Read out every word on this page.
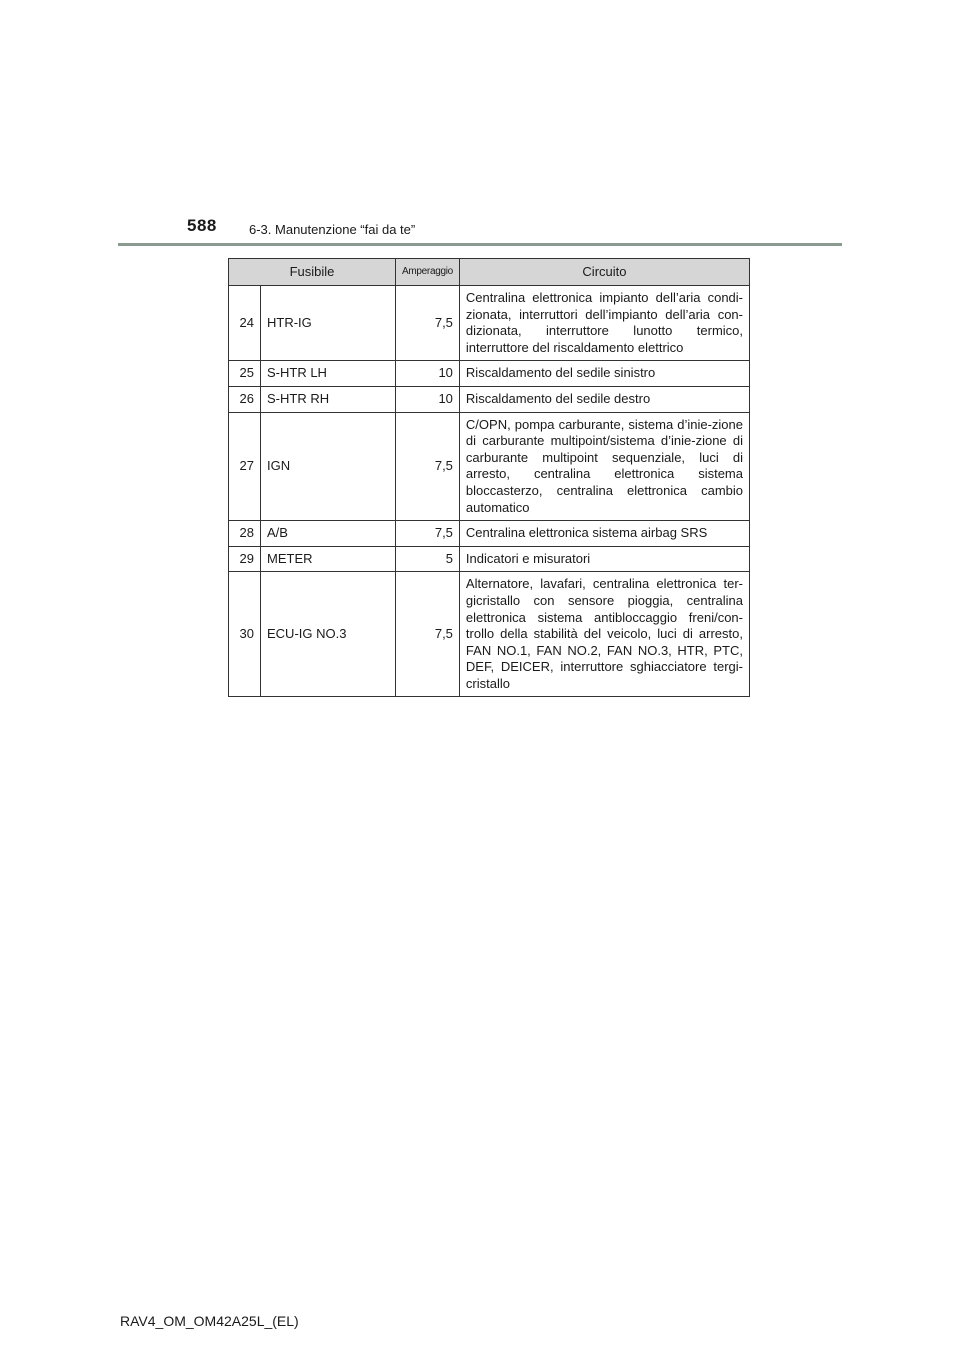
588 6-3. Manutenzione “fai da te”
Fusibile		Amperaggio	Circuito
24	HTR-IG	7,5	Centralina elettronica impianto dell’aria condi-zionata, interruttori dell’impianto dell’aria con-dizionata, interruttore lunotto termico, interruttore del riscaldamento elettrico
25	S-HTR LH	10	Riscaldamento del sedile sinistro
26	S-HTR RH	10	Riscaldamento del sedile destro
27	IGN	7,5	C/OPN, pompa carburante, sistema d’inie-zione di carburante multipoint/sistema d’inie-zione di carburante multipoint sequenziale, luci di arresto, centralina elettronica sistema bloccasterzo, centralina elettronica cambio automatico
28	A/B	7,5	Centralina elettronica sistema airbag SRS
29	METER	5	Indicatori e misuratori
30	ECU-IG NO.3	7,5	Alternatore, lavafari, centralina elettronica ter-gicristallo con sensore pioggia, centralina elettronica sistema antibloccaggio freni/con-trollo della stabilità del veicolo, luci di arresto, FAN NO.1, FAN NO.2, FAN NO.3, HTR, PTC, DEF, DEICER, interruttore sghiacciatore tergi-cristallo
RAV4_OM_OM42A25L_(EL)
